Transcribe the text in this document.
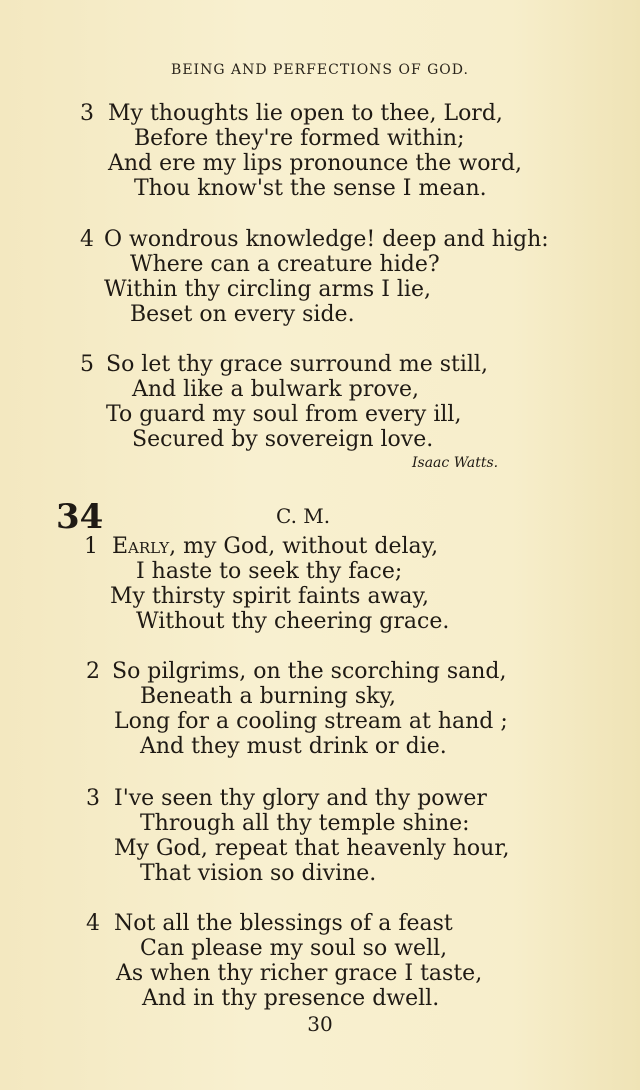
BEING AND PERFECTIONS OF GOD.
3 My thoughts lie open to thee, Lord,
Before they're formed within;
And ere my lips pronounce the word,
Thou know'st the sense I mean.
4 O wondrous knowledge! deep and high:
Where can a creature hide?
Within thy circling arms I lie,
Beset on every side.
5 So let thy grace surround me still,
And like a bulwark prove,
To guard my soul from every ill,
Secured by sovereign love.
Isaac Watts.
34	C. M.
1 Early, my God, without delay,
I haste to seek thy face;
My thirsty spirit faints away,
Without thy cheering grace.
2 So pilgrims, on the scorching sand,
Beneath a burning sky,
Long for a cooling stream at hand ;
And they must drink or die.
3 I've seen thy glory and thy power
Through all thy temple shine:
My God, repeat that heavenly hour,
That vision so divine.
4 Not all the blessings of a feast
Can please my soul so well,
As when thy richer grace I taste,
And in thy presence dwell.
30
